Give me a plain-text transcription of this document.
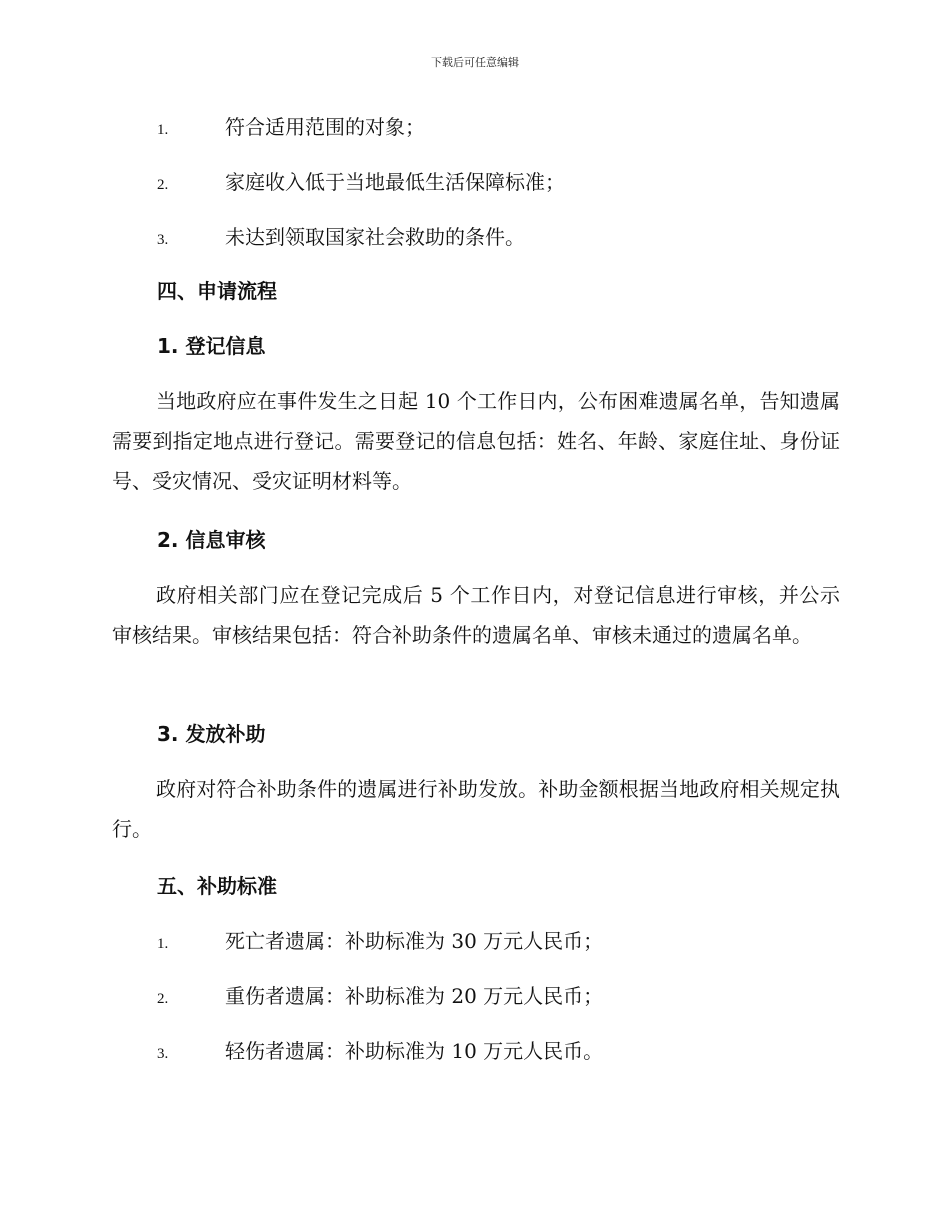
下载后可任意编辑
1.	符合适用范围的对象；
2.	家庭收入低于当地最低生活保障标准；
3.	未达到领取国家社会救助的条件。
四、申请流程
1. 登记信息

当地政府应在事件发生之日起 10 个工作日内，公布困难遗属名单，告知遗属需要到指定地点进行登记。需要登记的信息包括：姓名、年龄、家庭住址、身份证号、受灾情况、受灾证明材料等。

2. 信息审核

政府相关部门应在登记完成后 5 个工作日内，对登记信息进行审核，并公示审核结果。审核结果包括：符合补助条件的遗属名单、审核未通过的遗属名单。

3. 发放补助

政府对符合补助条件的遗属进行补助发放。补助金额根据当地政府相关规定执行。

五、补助标准
1.	死亡者遗属：补助标准为 30 万元人民币；
2.	重伤者遗属：补助标准为 20 万元人民币；
3.	轻伤者遗属：补助标准为 10 万元人民币。
